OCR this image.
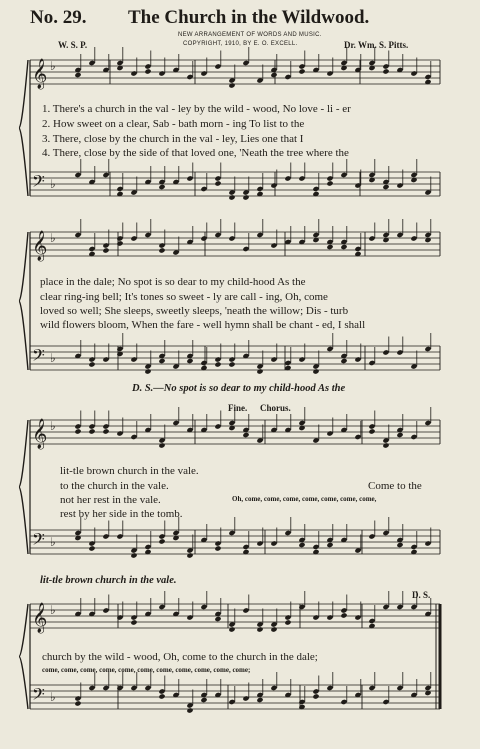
No. 29. The Church in the Wildwood.
NEW ARRANGEMENT OF WORDS AND MUSIC.
COPYRIGHT, 1910, BY E. O. EXCELL.
W. S. P.	Dr. Wm. S. Pitts.
𝄞
𝄢
♭
♭
𝄞
𝄢
♭
♭
𝄞
𝄢
♭
♭
𝄞
𝄢
♭
♭
1. There's a church in the val - ley by the wild - wood, No love - li - er
2. How sweet on a clear, Sab - bath morn - ing To list to the
3. There, close by the church in the val - ley, Lies one that I
4. There, close by the side of that loved one, 'Neath the tree where the
place in the dale; No spot is so dear to my child-hood As the
clear ring-ing bell; It's tones so sweet - ly are call - ing, Oh, come
loved so well; She sleeps, sweetly sleeps, 'neath the willow; Dis - turb
wild flowers bloom, When the fare - well hymn shall be chant - ed, I shall
D. S.—No spot is so dear to my child-hood As the
Fine. Chorus.
lit-tle brown church in the vale.
to the church in the vale.
not her rest in the vale.
rest by her side in the tomb.
Come to the
Oh, come, come, come, come, come, come, come,
lit-tle brown church in the vale.
D. S.
church by the wild - wood, Oh, come to the church in the dale;
come, come, come, come, come, come, come, come, come, come, come;
